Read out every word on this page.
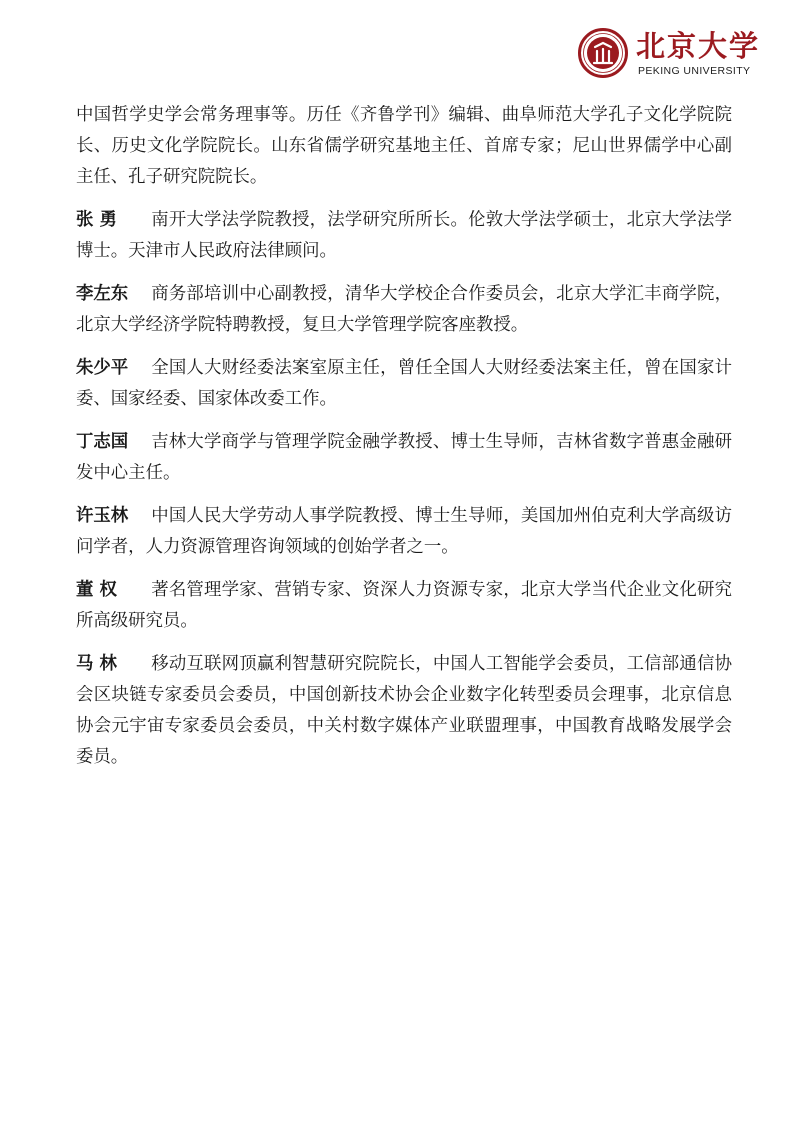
北京大学
PEKING UNIVERSITY

中国哲学史学会常务理事等。历任《齐鲁学刊》编辑、曲阜师范大学孔子文化学院院长、历史文化学院院长。山东省儒学研究基地主任、首席专家；尼山世界儒学中心副主任、孔子研究院院长。

张 勇 南开大学法学院教授，法学研究所所长。伦敦大学法学硕士，北京大学法学博士。天津市人民政府法律顾问。

李左东 商务部培训中心副教授，清华大学校企合作委员会，北京大学汇丰商学院，北京大学经济学院特聘教授，复旦大学管理学院客座教授。

朱少平 全国人大财经委法案室原主任，曾任全国人大财经委法案主任，曾在国家计委、国家经委、国家体改委工作。

丁志国 吉林大学商学与管理学院金融学教授、博士生导师，吉林省数字普惠金融研发中心主任。

许玉林 中国人民大学劳动人事学院教授、博士生导师，美国加州伯克利大学高级访问学者，人力资源管理咨询领域的创始学者之一。

董 权 著名管理学家、营销专家、资深人力资源专家，北京大学当代企业文化研究所高级研究员。

马 林 移动互联网顶赢利智慧研究院院长，中国人工智能学会委员，工信部通信协会区块链专家委员会委员，中国创新技术协会企业数字化转型委员会理事，北京信息协会元宇宙专家委员会委员，中关村数字媒体产业联盟理事，中国教育战略发展学会委员。
